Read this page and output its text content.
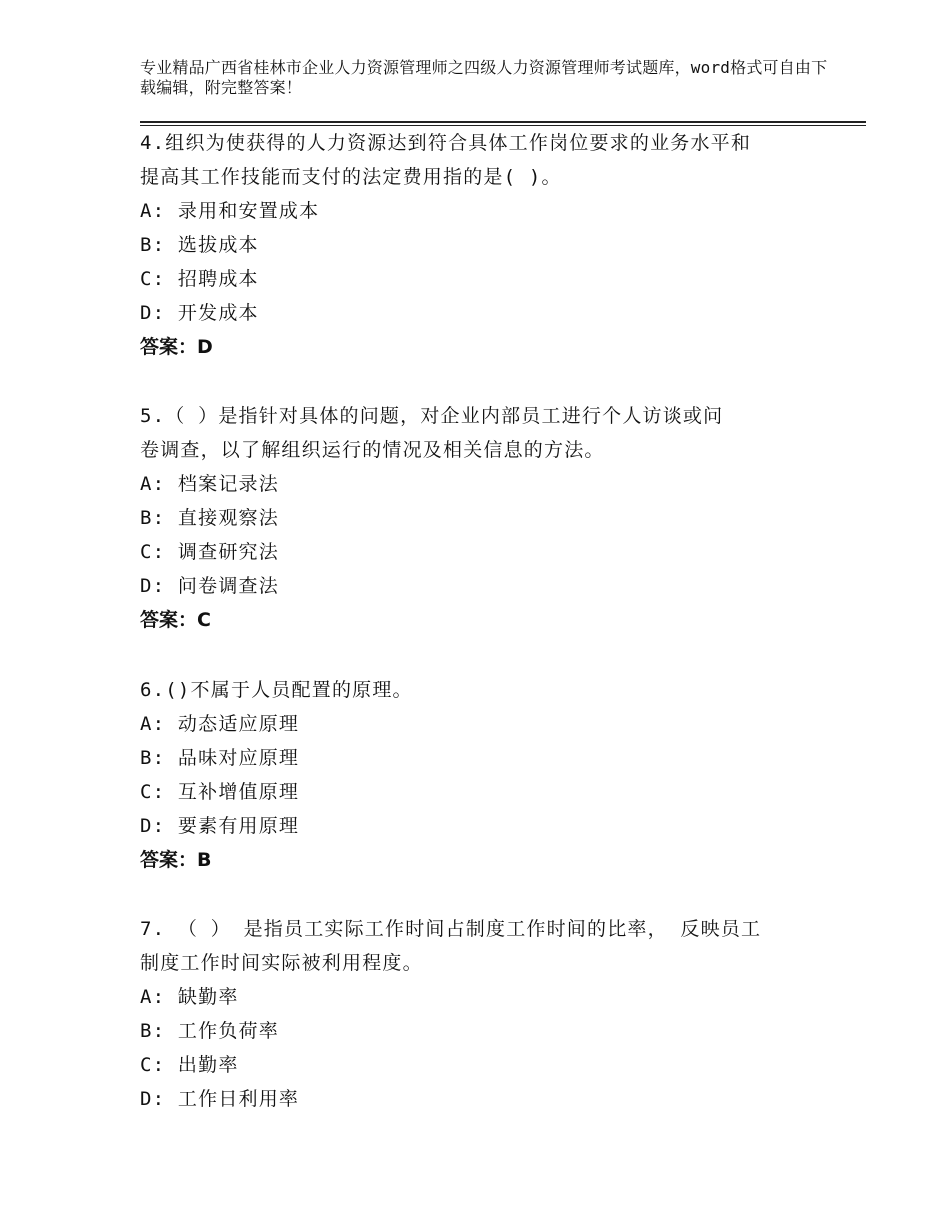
专业精品广西省桂林市企业人力资源管理师之四级人力资源管理师考试题库，word格式可自由下载编辑，附完整答案！

4.组织为使获得的人力资源达到符合具体工作岗位要求的业务水平和

提高其工作技能而支付的法定费用指的是( )。

A: 录用和安置成本

B: 选拔成本

C: 招聘成本

D: 开发成本

答案：D

5.（ ）是指针对具体的问题，对企业内部员工进行个人访谈或问

卷调查，以了解组织运行的情况及相关信息的方法。

A: 档案记录法

B: 直接观察法

C: 调查研究法

D: 问卷调查法

答案：C

6.()不属于人员配置的原理。

A: 动态适应原理

B: 品味对应原理

C: 互补增值原理

D: 要素有用原理

答案：B

7. （ ） 是指员工实际工作时间占制度工作时间的比率， 反映员工

制度工作时间实际被利用程度。

A: 缺勤率

B: 工作负荷率

C: 出勤率

D: 工作日利用率
